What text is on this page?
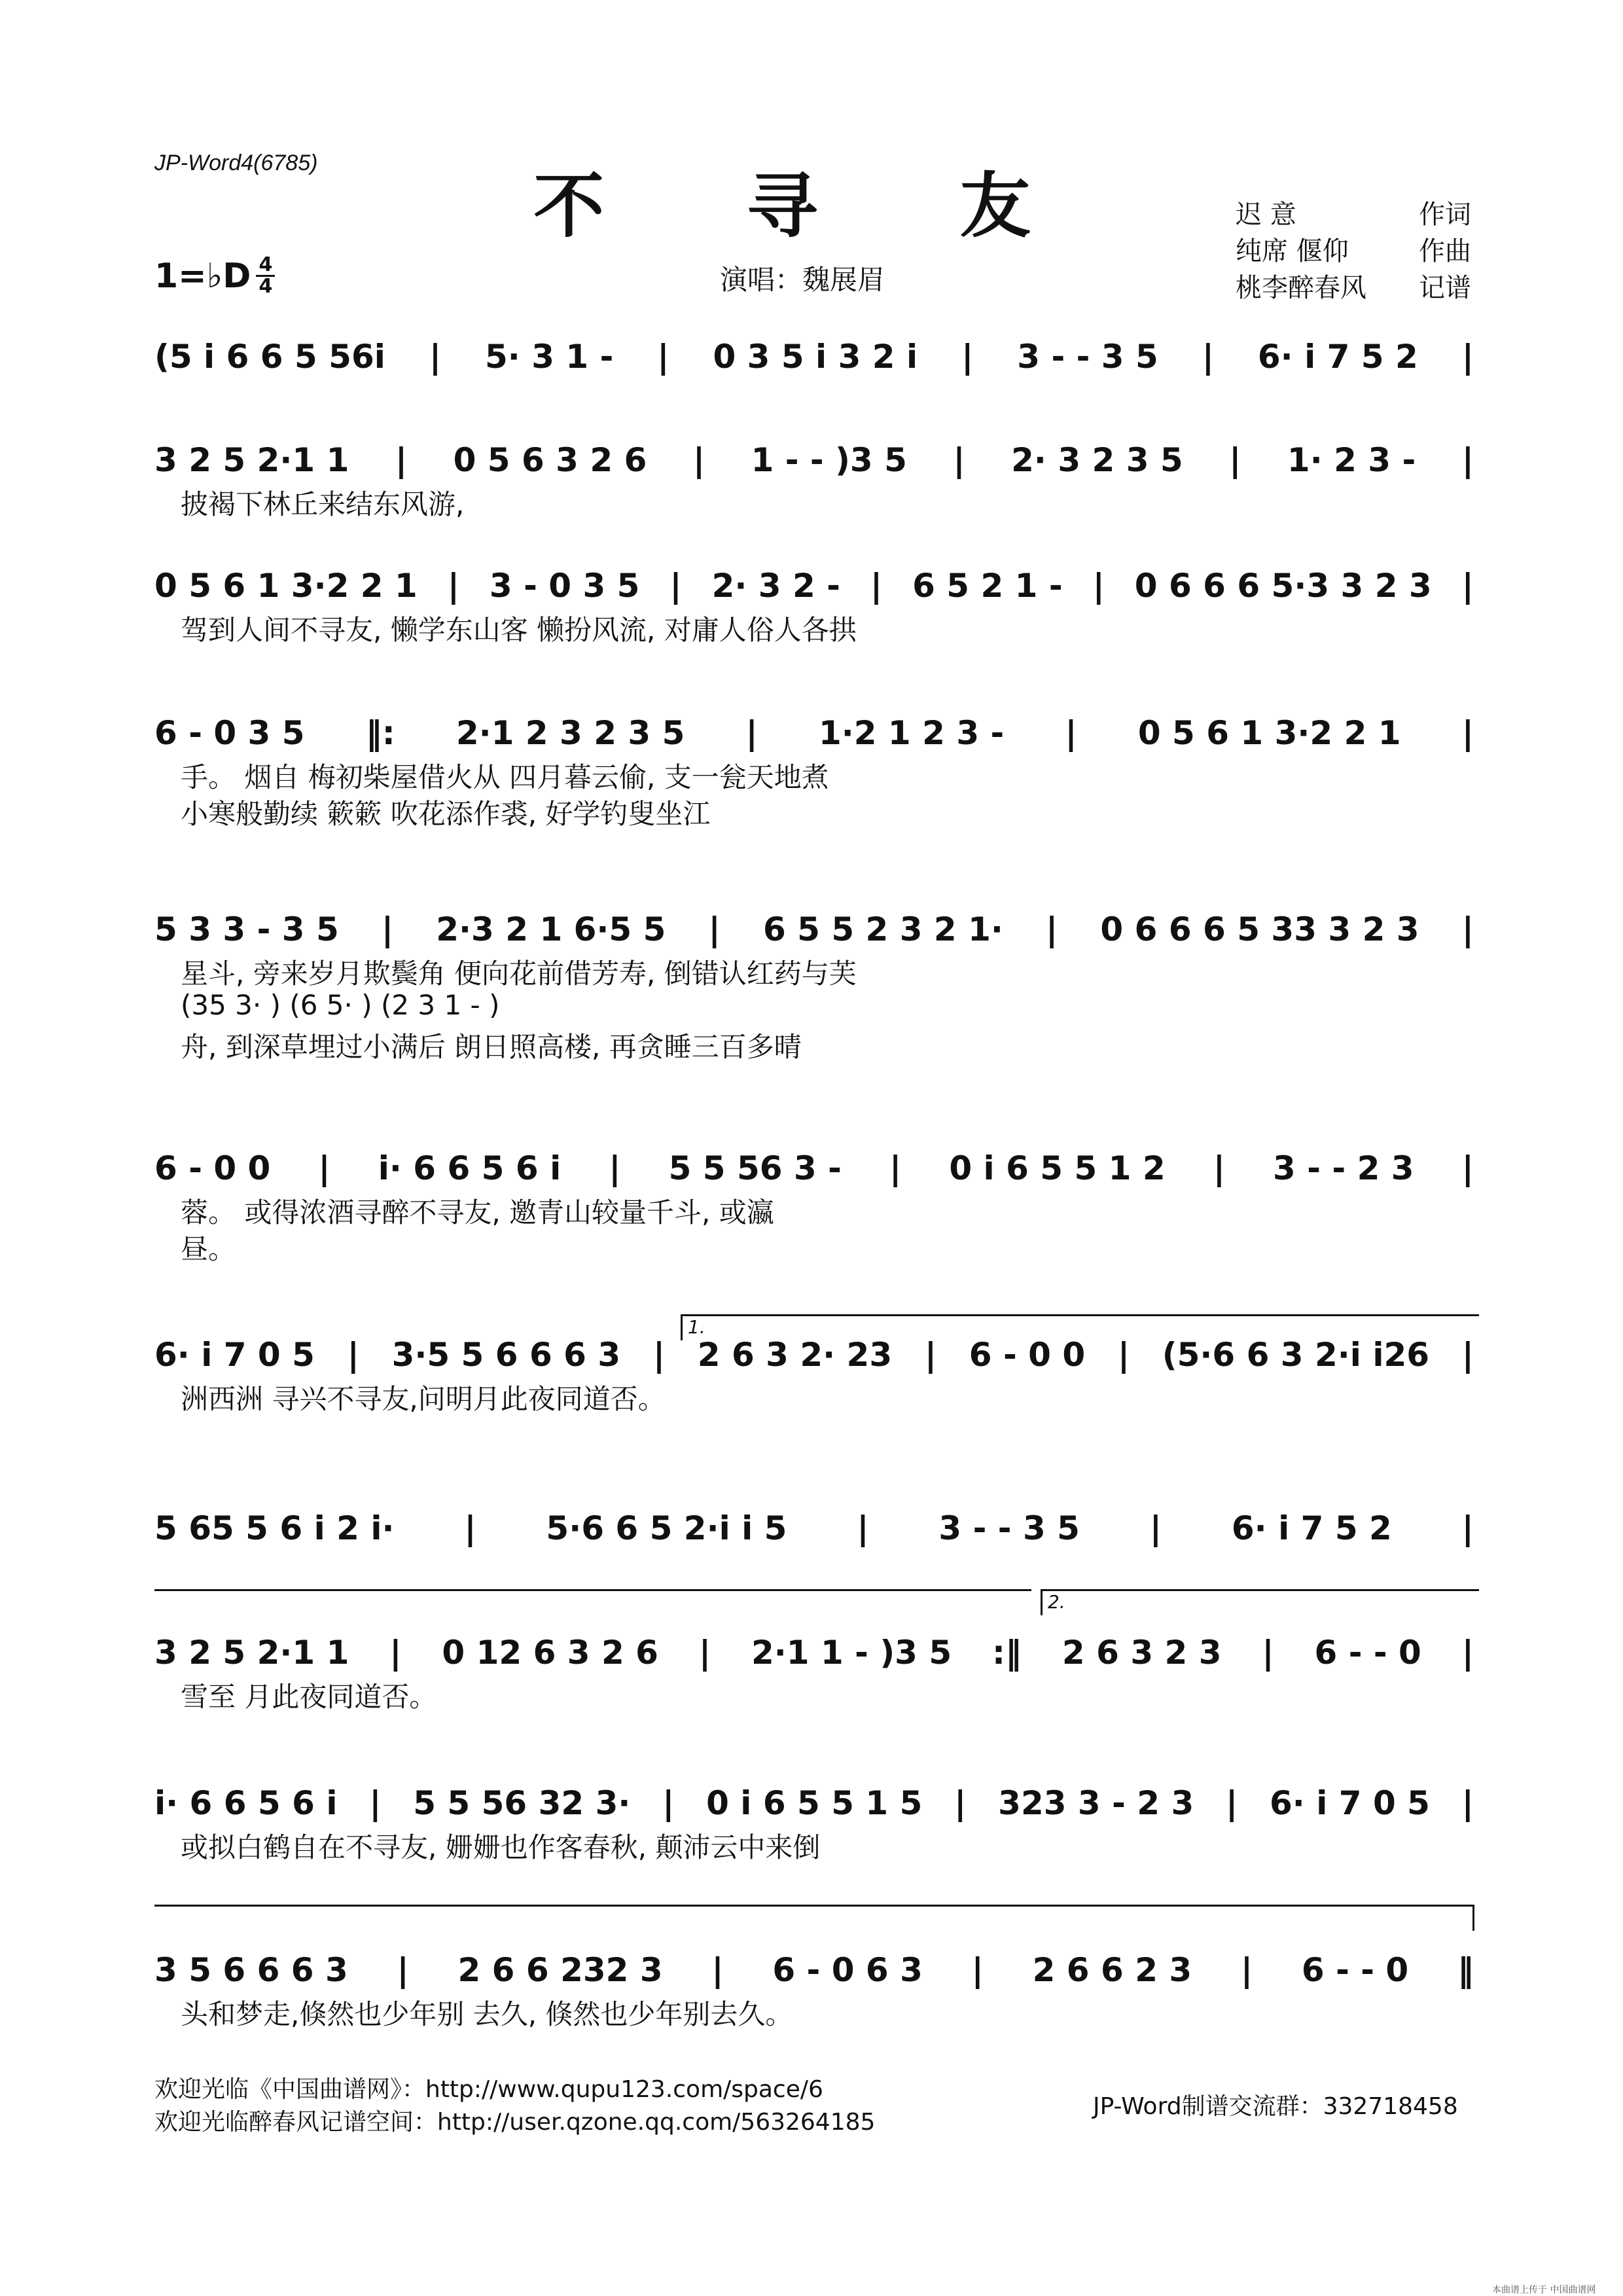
JP-Word4(6785)
不 寻 友	迟 意	作词
纯席 偃仰	作曲
桃李醉春风 记谱
1=♭D 4
4	演唱：魏展眉
(5 i 6 6 5 56i | 5· 3 1 - | 0 3 5 i 3 2 i | 3 - - 3 5 | 6· i 7 5 2 |
3 2 5 2·1 1 | 0 5 6 3 2 6 | 1 - - )3 5 | 2· 3 2 3 5 | 1· 2 3 - |
披褐下林丘来结东风游,
0 5 6 1 3·2 2 1 | 3 - 0 3 5 | 2· 3 2 - | 6 5 2 1 - | 0 6 6 6 5·3 3 2 3 |
驾到人间不寻友, 懒学东山客 懒扮风流, 对庸人俗人各拱
6 - 0 3 5 ‖: 2·1 2 3 2 3 5 | 1·2 1 2 3 - | 0 5 6 1 3·2 2 1 |
手。 烟自 梅初柴屋借火从 四月暮云偷, 支一瓮天地煮
小寒般勤续 簌簌 吹花添作裘, 好学钓叟坐江
5 3 3 - 3 5 | 2·3 2 1 6·5 5 | 6 5 5 2 3 2 1· | 0 6 6 6 5 33 3 2 3 |
星斗, 旁来岁月欺鬓角 便向花前借芳寿, 倒错认红药与芙
(35 3· ) (6 5· ) (2 3 1 - )
舟, 到深草埋过小满后 朗日照高楼, 再贪睡三百多晴
6 - 0 0 | i· 6 6 5 6 i | 5 5 56 3 - | 0 i 6 5 5 1 2 | 3 - - 2 3 |
蓉。 或得浓酒寻醉不寻友, 邀青山较量千斗, 或瀛
昼。
6· i 7 0 5 | 3·5 5 6 6 6 3 | 2 6 3 2· 23 | 6 - 0 0 | (5·6 6 3 2·i i26 |
洲西洲 寻兴不寻友,问明月此夜同道否。
5 65 5 6 i 2 i· | 5·6 6 5 2·i i 5 | 3 - - 3 5 | 6· i 7 5 2 |
3 2 5 2·1 1 | 0 12 6 3 2 6 | 2·1 1 - )3 5 :‖ 2 6 3 2 3 | 6 - - 0 |
雪至 月此夜同道否。
i· 6 6 5 6 i | 5 5 56 32 3· | 0 i 6 5 5 1 5 | 323 3 - 2 3 | 6· i 7 0 5 |
或拟白鹤自在不寻友, 姗姗也作客春秋, 颠沛云中来倒
3 5 6 6 6 3 | 2 6 6 232 3 | 6 - 0 6 3 | 2 6 6 2 3 | 6 - - 0 ‖
头和梦走,倏然也少年别 去久, 倏然也少年别去久。
1.
2.
欢迎光临《中国曲谱网》：http://www.qupu123.com/space/6
欢迎光临醉春风记谱空间：http://user.qzone.qq.com/563264185
JP-Word制谱交流群：332718458
本曲谱上传于 中国曲谱网
